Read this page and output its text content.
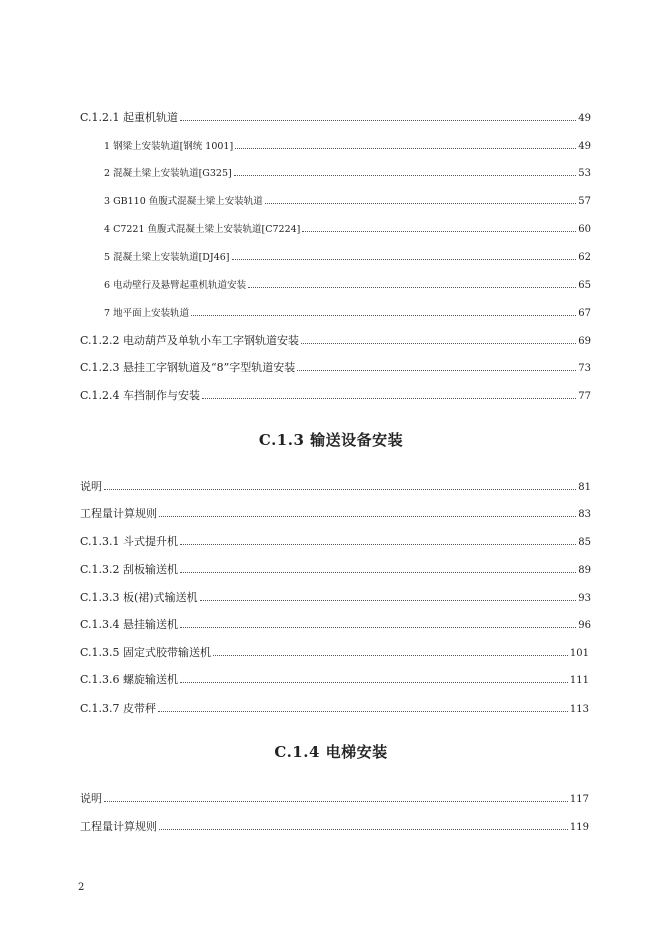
C.1.2.1 起重机轨道	49
1 钢梁上安装轨道[钢统 1001]	49
2 混凝土梁上安装轨道[G325]	53
3 GB110 鱼腹式混凝土梁上安装轨道	57
4 C7221 鱼腹式混凝土梁上安装轨道[C7224]	60
5 混凝土梁上安装轨道[DJ46]	62
6 电动壁行及悬臂起重机轨道安装	65
7 地平面上安装轨道	67
C.1.2.2 电动葫芦及单轨小车工字钢轨道安装	69
C.1.2.3 悬挂工字钢轨道及“8”字型轨道安装	73
C.1.2.4 车挡制作与安装	77
C.1.3 输送设备安装
说明	81
工程量计算规则	83
C.1.3.1 斗式提升机	85
C.1.3.2 刮板输送机	89
C.1.3.3 板(裙)式输送机	93
C.1.3.4 悬挂输送机	96
C.1.3.5 固定式胶带输送机	101
C.1.3.6 螺旋输送机	111
C.1.3.7 皮带秤	113
C.1.4 电梯安装
说明	117
工程量计算规则	119
2
